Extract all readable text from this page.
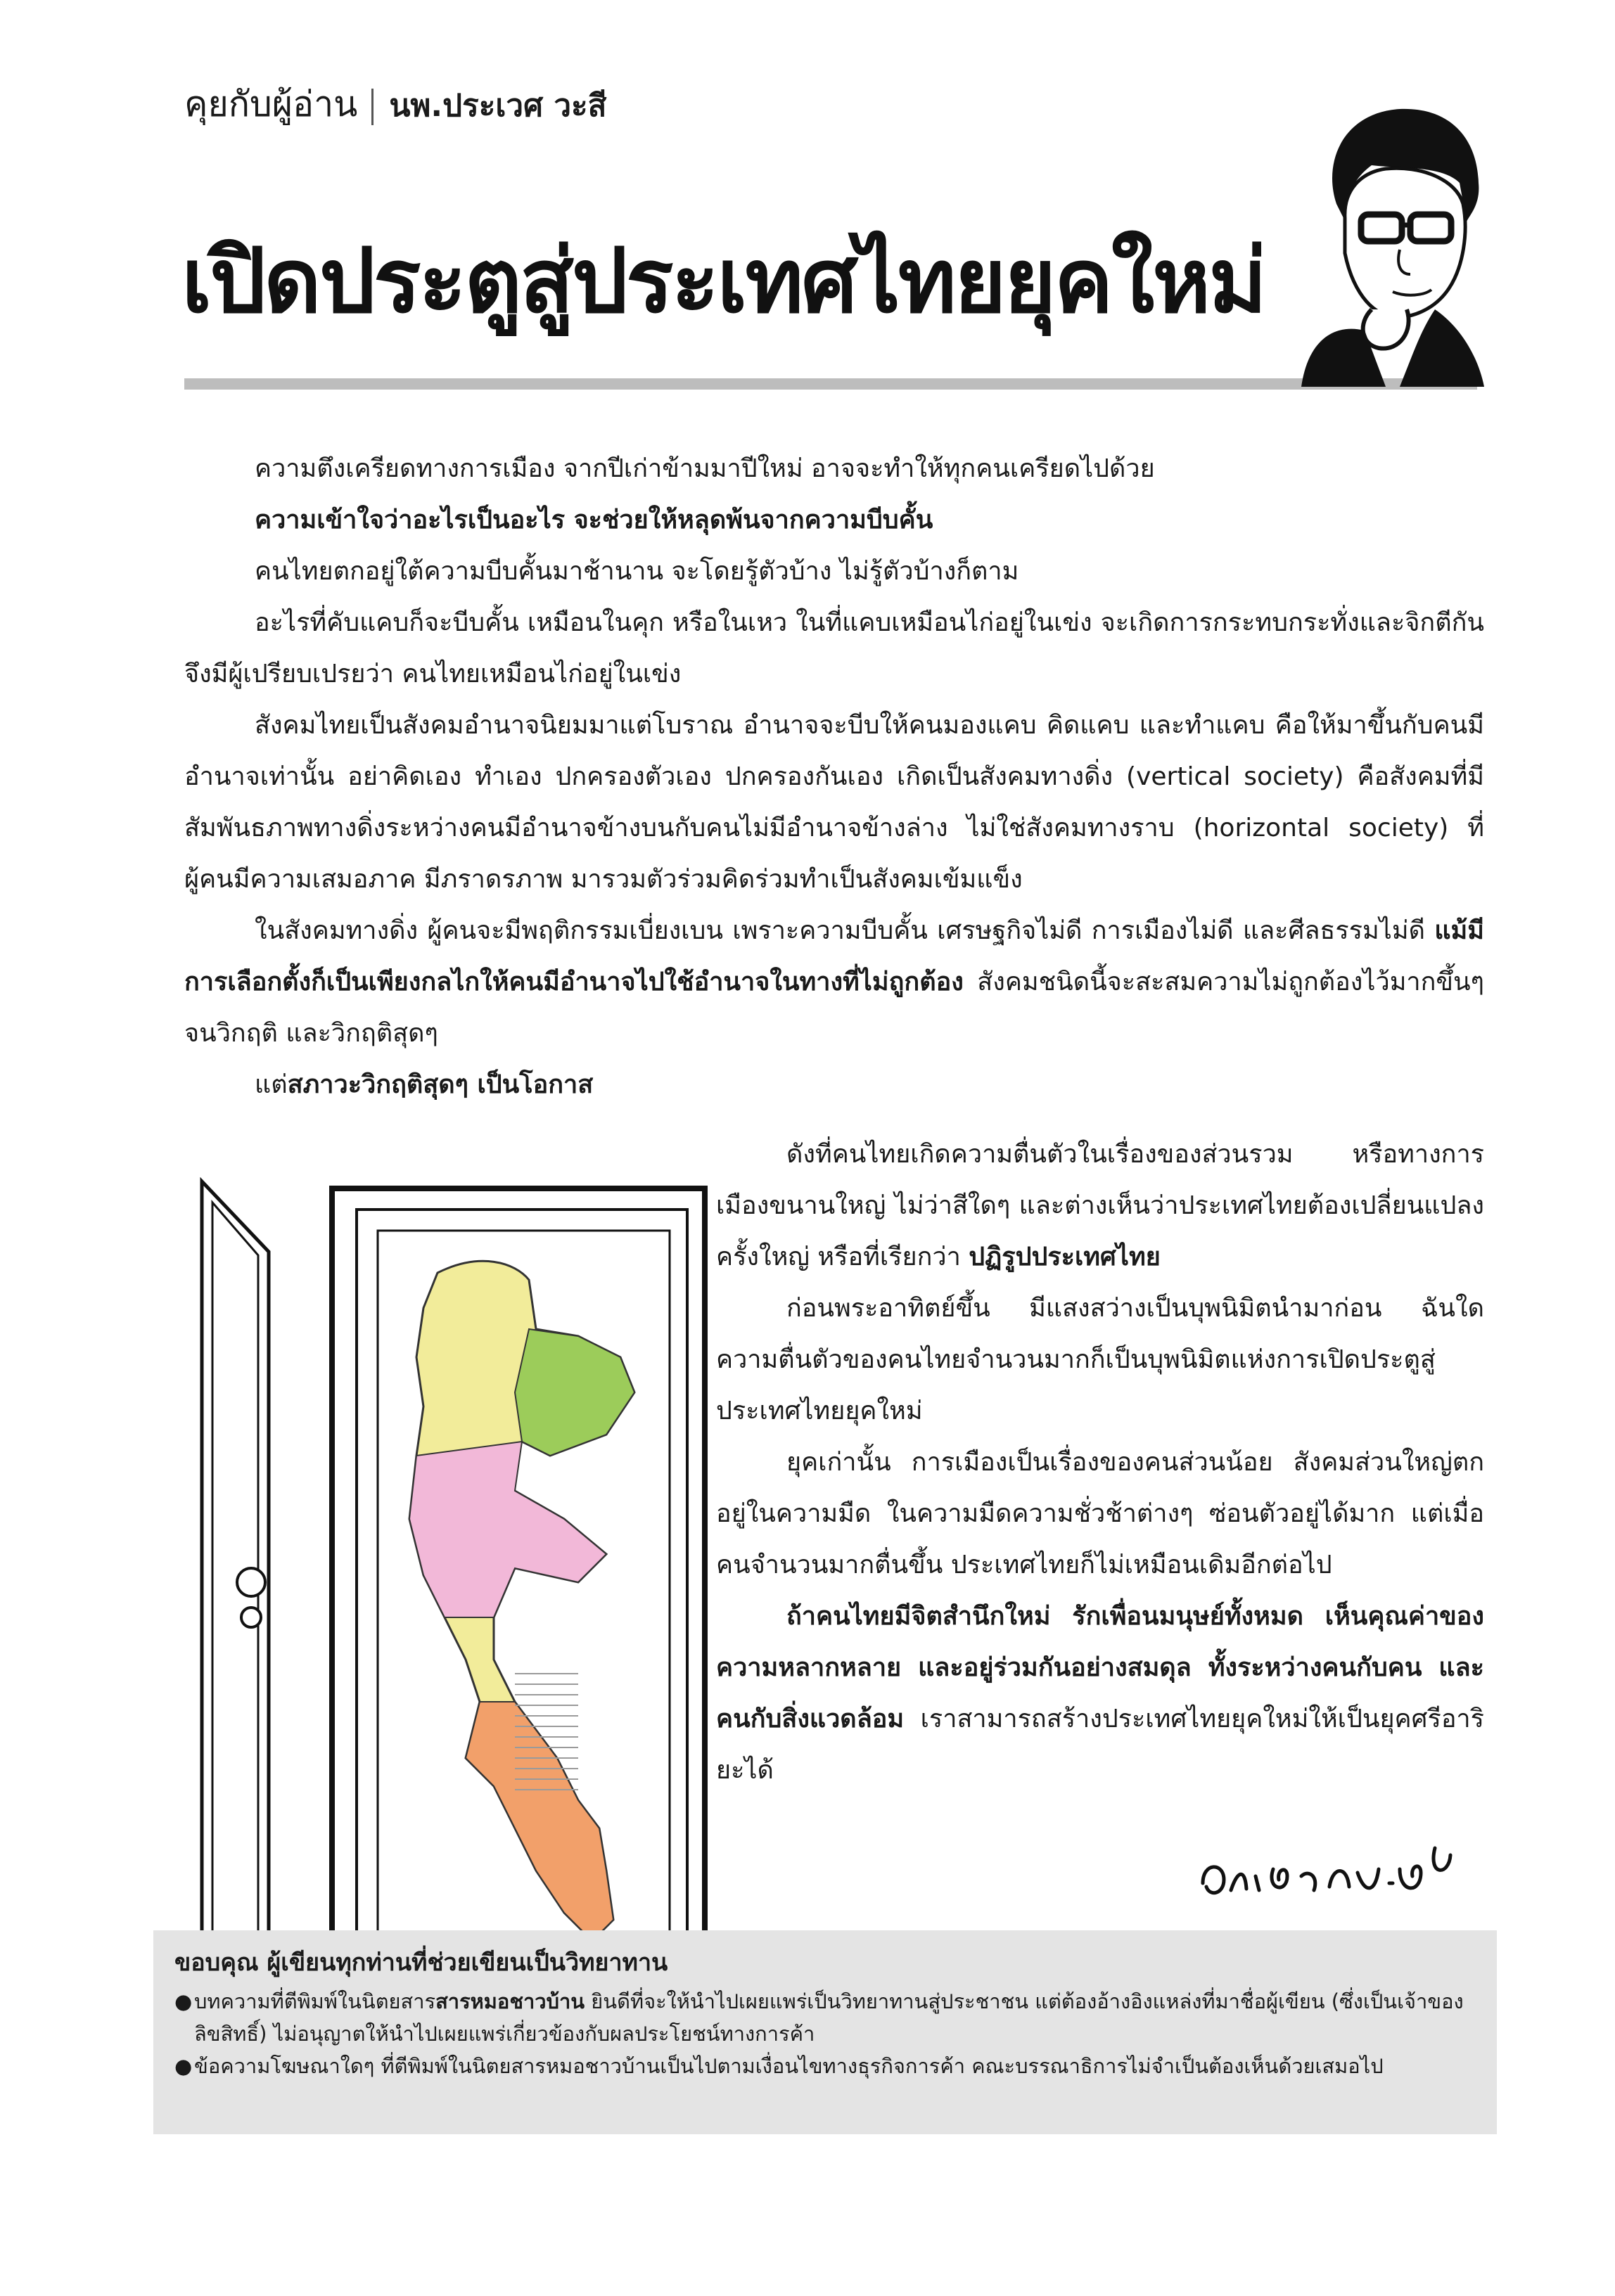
คุยกับผู้อ่าน นพ.ประเวศ วะสี
เปิดประตูสู่ประเทศไทยยุคใหม่

ความตึงเครียดทางการเมือง จากปีเก่าข้ามมาปีใหม่ อาจจะทำให้ทุกคนเครียดไปด้วย

ความเข้าใจว่าอะไรเป็นอะไร จะช่วยให้หลุดพ้นจากความบีบคั้น

คนไทยตกอยู่ใต้ความบีบคั้นมาช้านาน จะโดยรู้ตัวบ้าง ไม่รู้ตัวบ้างก็ตาม

อะไรที่คับแคบก็จะบีบคั้น เหมือนในคุก หรือในเหว ในที่แคบเหมือนไก่อยู่ในเข่ง จะเกิดการกระทบกระทั่งและจิกตีกัน จึงมีผู้เปรียบเปรยว่า คนไทยเหมือนไก่อยู่ในเข่ง

สังคมไทยเป็นสังคมอำนาจนิยมมาแต่โบราณ อำนาจจะบีบให้คนมองแคบ คิดแคบ และทำแคบ คือให้มาขึ้นกับคนมีอำนาจเท่านั้น อย่าคิดเอง ทำเอง ปกครองตัวเอง ปกครองกันเอง เกิดเป็นสังคมทางดิ่ง (vertical society) คือสังคมที่มีสัมพันธภาพทางดิ่งระหว่างคนมีอำนาจข้างบนกับคนไม่มีอำนาจข้างล่าง ไม่ใช่สังคมทางราบ (horizontal society) ที่ผู้คนมีความเสมอภาค มีภราดรภาพ มารวมตัวร่วมคิดร่วมทำเป็นสังคมเข้มแข็ง

ในสังคมทางดิ่ง ผู้คนจะมีพฤติกรรมเบี่ยงเบน เพราะความบีบคั้น เศรษฐกิจไม่ดี การเมืองไม่ดี และศีลธรรมไม่ดี แม้มีการเลือกตั้งก็เป็นเพียงกลไกให้คนมีอำนาจไปใช้อำนาจในทางที่ไม่ถูกต้อง สังคมชนิดนี้จะสะสมความไม่ถูกต้องไว้มากขึ้นๆ จนวิกฤติ และวิกฤติสุดๆ

แต่สภาวะวิกฤติสุดๆ เป็นโอกาส

ดังที่คนไทยเกิดความตื่นตัวในเรื่องของส่วนรวม หรือทางการเมืองขนานใหญ่ ไม่ว่าสีใดๆ และต่างเห็นว่าประเทศไทยต้องเปลี่ยนแปลงครั้งใหญ่ หรือที่เรียกว่า ปฏิรูปประเทศไทย

ก่อนพระอาทิตย์ขึ้น มีแสงสว่างเป็นบุพนิมิตนำมาก่อน ฉันใดความตื่นตัวของคนไทยจำนวนมากก็เป็นบุพนิมิตแห่งการเปิดประตูสู่ประเทศไทยยุคใหม่

ยุคเก่านั้น การเมืองเป็นเรื่องของคนส่วนน้อย สังคมส่วนใหญ่ตกอยู่ในความมืด ในความมืดความชั่วช้าต่างๆ ซ่อนตัวอยู่ได้มาก แต่เมื่อคนจำนวนมากตื่นขึ้น ประเทศไทยก็ไม่เหมือนเดิมอีกต่อไป

ถ้าคนไทยมีจิตสำนึกใหม่ รักเพื่อนมนุษย์ทั้งหมด เห็นคุณค่าของความหลากหลาย และอยู่ร่วมกันอย่างสมดุล ทั้งระหว่างคนกับคน และคนกับสิ่งแวดล้อม เราสามารถสร้างประเทศไทยยุคใหม่ให้เป็นยุคศรีอาริยะได้

ขอบคุณ ผู้เขียนทุกท่านที่ช่วยเขียนเป็นวิทยาทาน
● บทความที่ตีพิมพ์ในนิตยสารสารหมอชาวบ้าน ยินดีที่จะให้นำไปเผยแพร่เป็นวิทยาทานสู่ประชาชน แต่ต้องอ้างอิงแหล่งที่มาชื่อผู้เขียน (ซึ่งเป็นเจ้าของลิขสิทธิ์) ไม่อนุญาตให้นำไปเผยแพร่เกี่ยวข้องกับผลประโยชน์ทางการค้า
● ข้อความโฆษณาใดๆ ที่ตีพิมพ์ในนิตยสารหมอชาวบ้านเป็นไปตามเงื่อนไขทางธุรกิจการค้า คณะบรรณาธิการไม่จำเป็นต้องเห็นด้วยเสมอไป
